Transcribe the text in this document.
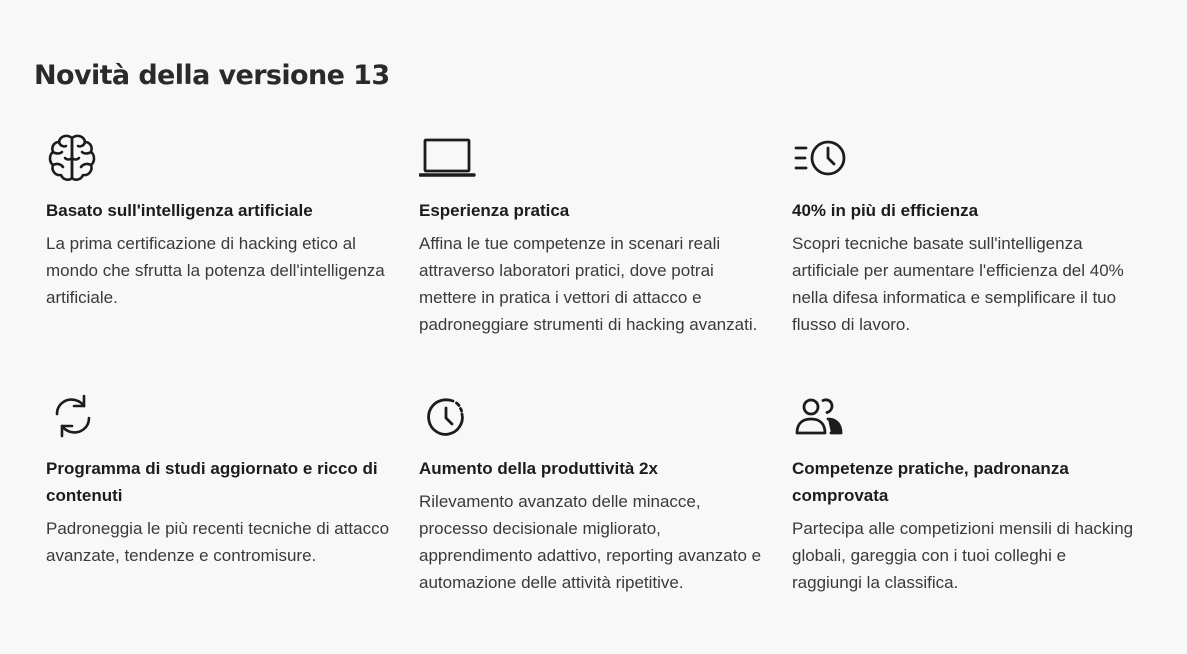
Novità della versione 13
Basato sull'intelligenza artificiale

La prima certificazione di hacking etico al mondo che sfrutta la potenza dell'intelligenza artificiale.

Esperienza pratica

Affina le tue competenze in scenari reali attraverso laboratori pratici, dove potrai mettere in pratica i vettori di attacco e padroneggiare strumenti di hacking avanzati.

40% in più di efficienza

Scopri tecniche basate sull'intelligenza artificiale per aumentare l'efficienza del 40% nella difesa informatica e semplificare il tuo flusso di lavoro.

Programma di studi aggiornato e ricco di contenuti

Padroneggia le più recenti tecniche di attacco avanzate, tendenze e contromisure.

Aumento della produttività 2x

Rilevamento avanzato delle minacce, processo decisionale migliorato, apprendimento adattivo, reporting avanzato e automazione delle attività ripetitive.

Competenze pratiche, padronanza comprovata

Partecipa alle competizioni mensili di hacking globali, gareggia con i tuoi colleghi e raggiungi la classifica.
